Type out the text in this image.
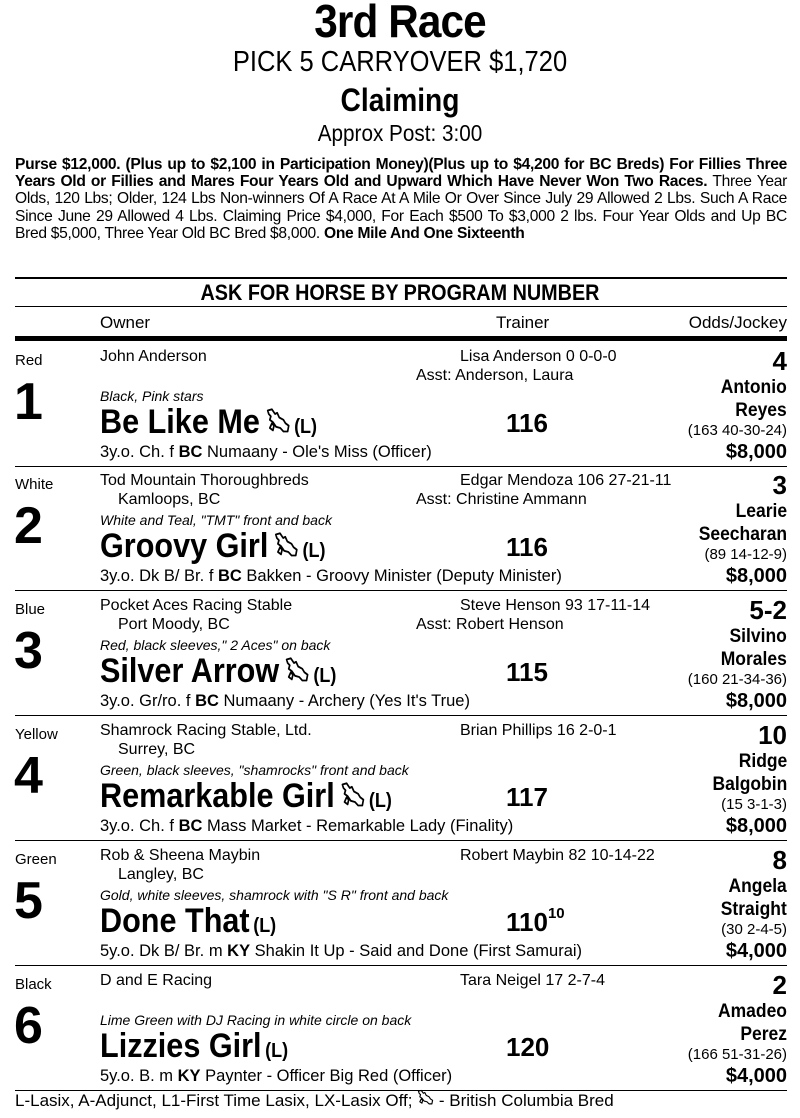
3rd Race
PICK 5 CARRYOVER $1,720
Claiming
Approx Post: 3:00
Purse $12,000. (Plus up to $2,100 in Participation Money)(Plus up to $4,200 for BC Breds) For Fillies Three Years Old or Fillies and Mares Four Years Old and Upward Which Have Never Won Two Races. Three Year Olds, 120 Lbs; Older, 124 Lbs Non-winners Of A Race At A Mile Or Over Since July 29 Allowed 2 Lbs. Such A Race Since June 29 Allowed 4 Lbs. Claiming Price $4,000, For Each $500 To $3,000 2 lbs. Four Year Olds and Up BC Bred $5,000, Three Year Old BC Bred $8,000. One Mile And One Sixteenth
ASK FOR HORSE BY PROGRAM NUMBER
Owner	Trainer	Odds/Jockey
Red
1
John Anderson
Black, Pink stars
Be Like Me (L)
Lisa Anderson 0 0-0-0
Asst: Anderson, Laura
116
3y.o. Ch. f BC Numaany - Ole's Miss (Officer)
4
Antonio
Reyes
(163 40-30-24)
$8,000
White
2
Tod Mountain Thoroughbreds
Kamloops, BC
White and Teal, "TMT" front and back
Groovy Girl (L)
Edgar Mendoza 106 27-21-11
Asst: Christine Ammann
116
3y.o. Dk B/ Br. f BC Bakken - Groovy Minister (Deputy Minister)
3
Learie
Seecharan
(89 14-12-9)
$8,000
Blue
3
Pocket Aces Racing Stable
Port Moody, BC
Red, black sleeves," 2 Aces" on back
Silver Arrow (L)
Steve Henson 93 17-11-14
Asst: Robert Henson
115
3y.o. Gr/ro. f BC Numaany - Archery (Yes It's True)
5-2
Silvino
Morales
(160 21-34-36)
$8,000
Yellow
4
Shamrock Racing Stable, Ltd.
Surrey, BC
Green, black sleeves, "shamrocks" front and back
Remarkable Girl (L)
Brian Phillips 16 2-0-1
117
3y.o. Ch. f BC Mass Market - Remarkable Lady (Finality)
10
Ridge
Balgobin
(15 3-1-3)
$8,000
Green
5
Rob & Sheena Maybin
Langley, BC
Gold, white sleeves, shamrock with "S R" front and back
Done That (L)
Robert Maybin 82 10-14-22
$110^{10}$
5y.o. Dk B/ Br. m KY Shakin It Up - Said and Done (First Samurai)
8
Angela
Straight
(30 2-4-5)
$4,000
Black
6
D and E Racing
Lime Green with DJ Racing in white circle on back
Lizzies Girl (L)
Tara Neigel 17 2-7-4
120
5y.o. B. m KY Paynter - Officer Big Red (Officer)
2
Amadeo
Perez
(166 51-31-26)
$4,000
L-Lasix, A-Adjunct, L1-First Time Lasix, LX-Lasix Off;  - British Columbia Bred
